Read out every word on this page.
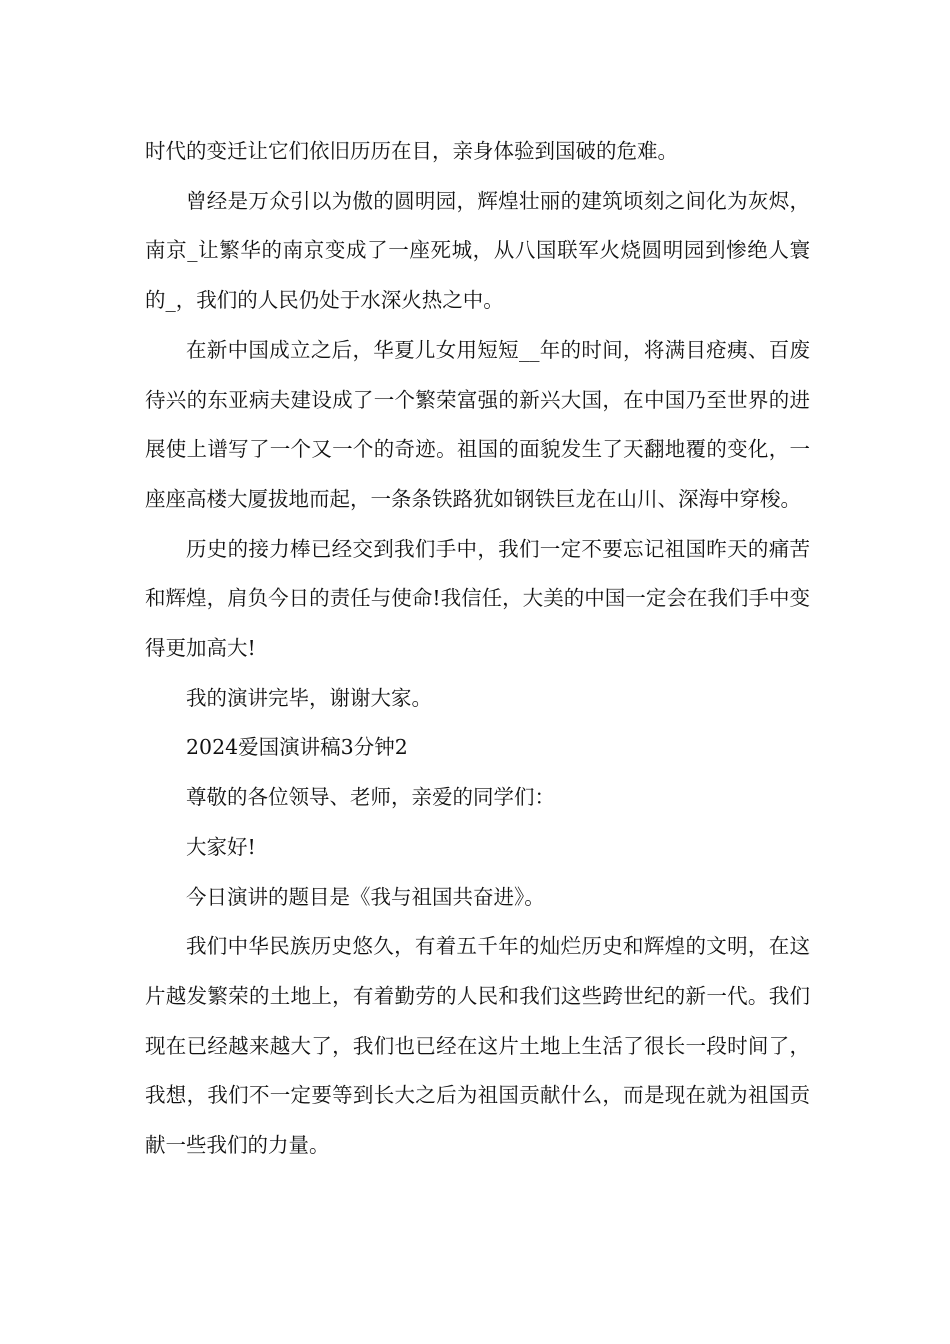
时代的变迁让它们依旧历历在目，亲身体验到国破的危难。

曾经是万众引以为傲的圆明园，辉煌壮丽的建筑顷刻之间化为灰烬，南京_让繁华的南京变成了一座死城，从八国联军火烧圆明园到惨绝人寰的_，我们的人民仍处于水深火热之中。

在新中国成立之后，华夏儿女用短短__年的时间，将满目疮痍、百废待兴的东亚病夫建设成了一个繁荣富强的新兴大国，在中国乃至世界的进展使上谱写了一个又一个的奇迹。祖国的面貌发生了天翻地覆的变化，一座座高楼大厦拔地而起，一条条铁路犹如钢铁巨龙在山川、深海中穿梭。

历史的接力棒已经交到我们手中，我们一定不要忘记祖国昨天的痛苦和辉煌，肩负今日的责任与使命!我信任，大美的中国一定会在我们手中变得更加高大!

我的演讲完毕，谢谢大家。

2024爱国演讲稿3分钟2

尊敬的各位领导、老师，亲爱的同学们：

大家好!

今日演讲的题目是《我与祖国共奋进》。

我们中华民族历史悠久，有着五千年的灿烂历史和辉煌的文明，在这片越发繁荣的土地上，有着勤劳的人民和我们这些跨世纪的新一代。我们现在已经越来越大了，我们也已经在这片土地上生活了很长一段时间了，我想，我们不一定要等到长大之后为祖国贡献什么，而是现在就为祖国贡献一些我们的力量。
